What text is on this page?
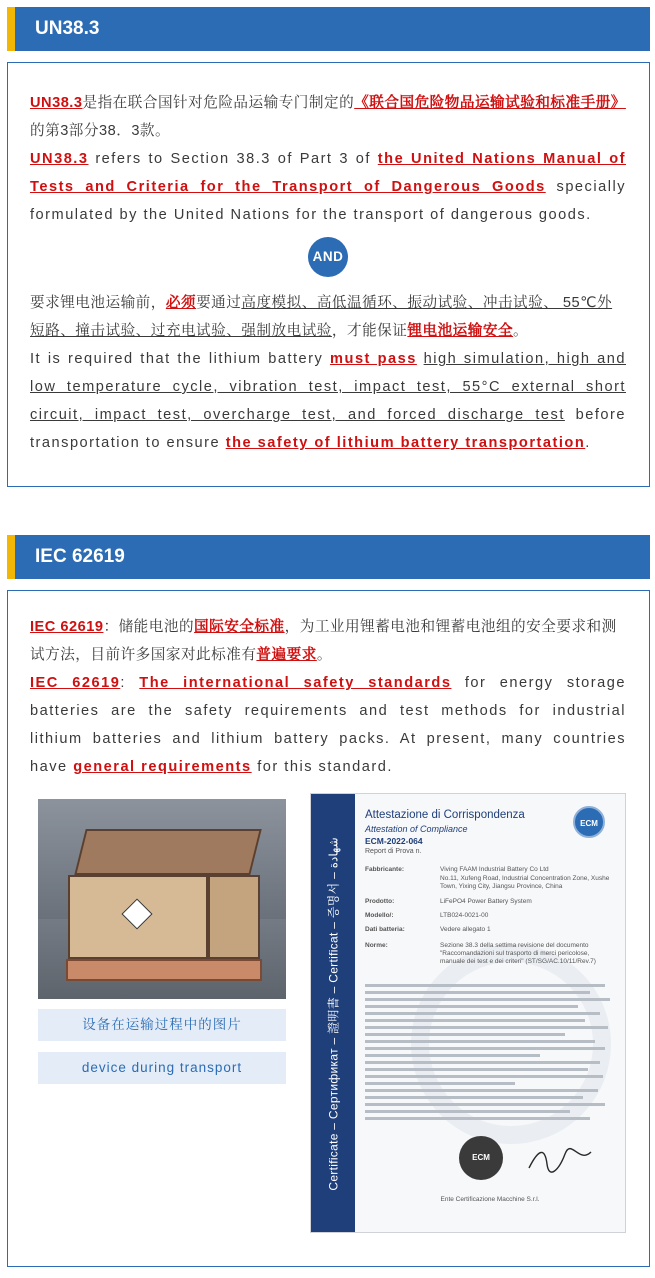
UN38.3

UN38.3是指在联合国针对危险品运输专门制定的《联合国危险物品运输试验和标准手册》的第3部分38．3款。

UN38.3 refers to Section 38.3 of Part 3 of the United Nations Manual of Tests and Criteria for the Transport of Dangerous Goods specially formulated by the United Nations for the transport of dangerous goods.

AND

要求锂电池运输前，必须要通过高度模拟、高低温循环、振动试验、冲击试验、 55℃外短路、撞击试验、过充电试验、强制放电试验，才能保证锂电池运输安全。

It is required that the lithium battery must pass high simulation, high and low temperature cycle, vibration test, impact test, 55°C external short circuit, impact test, overcharge test, and forced discharge test before transportation to ensure the safety of lithium battery transportation.

IEC 62619

IEC 62619：储能电池的国际安全标准，为工业用锂蓄电池和锂蓄电池组的安全要求和测试方法，目前许多国家对此标准有普遍要求。

IEC 62619: The international safety standards for energy storage batteries are the safety requirements and test methods for industrial lithium batteries and lithium battery packs. At present, many countries have general requirements for this standard.

设备在运输过程中的图片
device during transport	Certificate – Сертификат – 證明書 – Certificat – 증명서 – شهادة
Attestazione di Corrispondenza
Attestation of Compliance
ECM-2022-064
Report di Prova n.
ECM
Fabbricante:	Viving FAAM Industrial Battery Co Ltd
No.11, Xufeng Road, Industrial Concentration Zone, Xushe Town, Yixing City, Jiangsu Province, China
Prodotto:	LiFePO4 Power Battery System
Modello/:	LTB024-0021-00
Dati batteria:	Vedere allegato 1
Norme:	Sezione 38.3 della settima revisione del documento "Raccomandazioni sul trasporto di merci pericolose, manuale dei test e dei criteri" (ST/SG/AC.10/11/Rev.7)
ECM
Ente Certificazione Macchine S.r.l.
